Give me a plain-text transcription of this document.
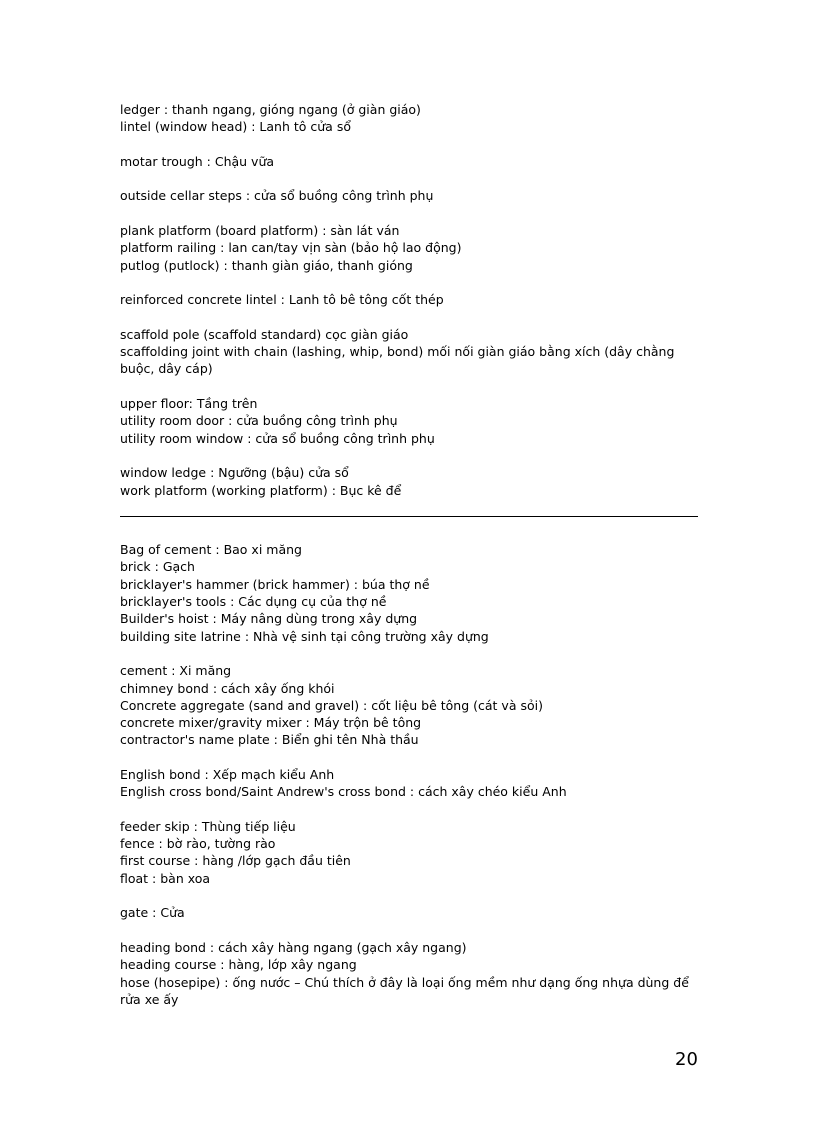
ledger : thanh ngang, gióng ngang (ở giàn giáo)
lintel (window head) : Lanh tô cửa sổ
motar trough : Chậu vữa
outside cellar steps : cửa sổ buồng công trình phụ
plank platform (board platform) : sàn lát ván
platform railing : lan can/tay vịn sàn (bảo hộ lao động)
putlog (putlock) : thanh giàn giáo, thanh gióng
reinforced concrete lintel : Lanh tô bê tông cốt thép
scaffold pole (scaffold standard) cọc giàn giáo
scaffolding joint with chain (lashing, whip, bond) mối nối giàn giáo bằng xích (dây chằng buộc, dây cáp)
upper floor: Tầng trên
utility room door : cửa buồng công trình phụ
utility room window : cửa sổ buồng công trình phụ
window ledge : Ngưỡng (bậu) cửa sổ
work platform (working platform) : Bục kê để
Bag of cement : Bao xi măng
brick : Gạch
bricklayer's hammer (brick hammer) : búa thợ nề
bricklayer's tools : Các dụng cụ của thợ nề
Builder's hoist : Máy nâng dùng trong xây dựng
building site latrine : Nhà vệ sinh tại công trường xây dựng
cement : Xi măng
chimney bond : cách xây ống khói
Concrete aggregate (sand and gravel) : cốt liệu bê tông (cát và sỏi)
concrete mixer/gravity mixer : Máy trộn bê tông
contractor's name plate : Biển ghi tên Nhà thầu
English bond : Xếp mạch kiểu Anh
English cross bond/Saint Andrew's cross bond : cách xây chéo kiểu Anh
feeder skip : Thùng tiếp liệu
fence : bờ rào, tường rào
first course : hàng /lớp gạch đầu tiên
float : bàn xoa
gate : Cửa
heading bond : cách xây hàng ngang (gạch xây ngang)
heading course : hàng, lớp xây ngang
hose (hosepipe) : ống nước – Chú thích ở đây là loại ống mềm như dạng ống nhựa dùng để rửa xe ấy
20
